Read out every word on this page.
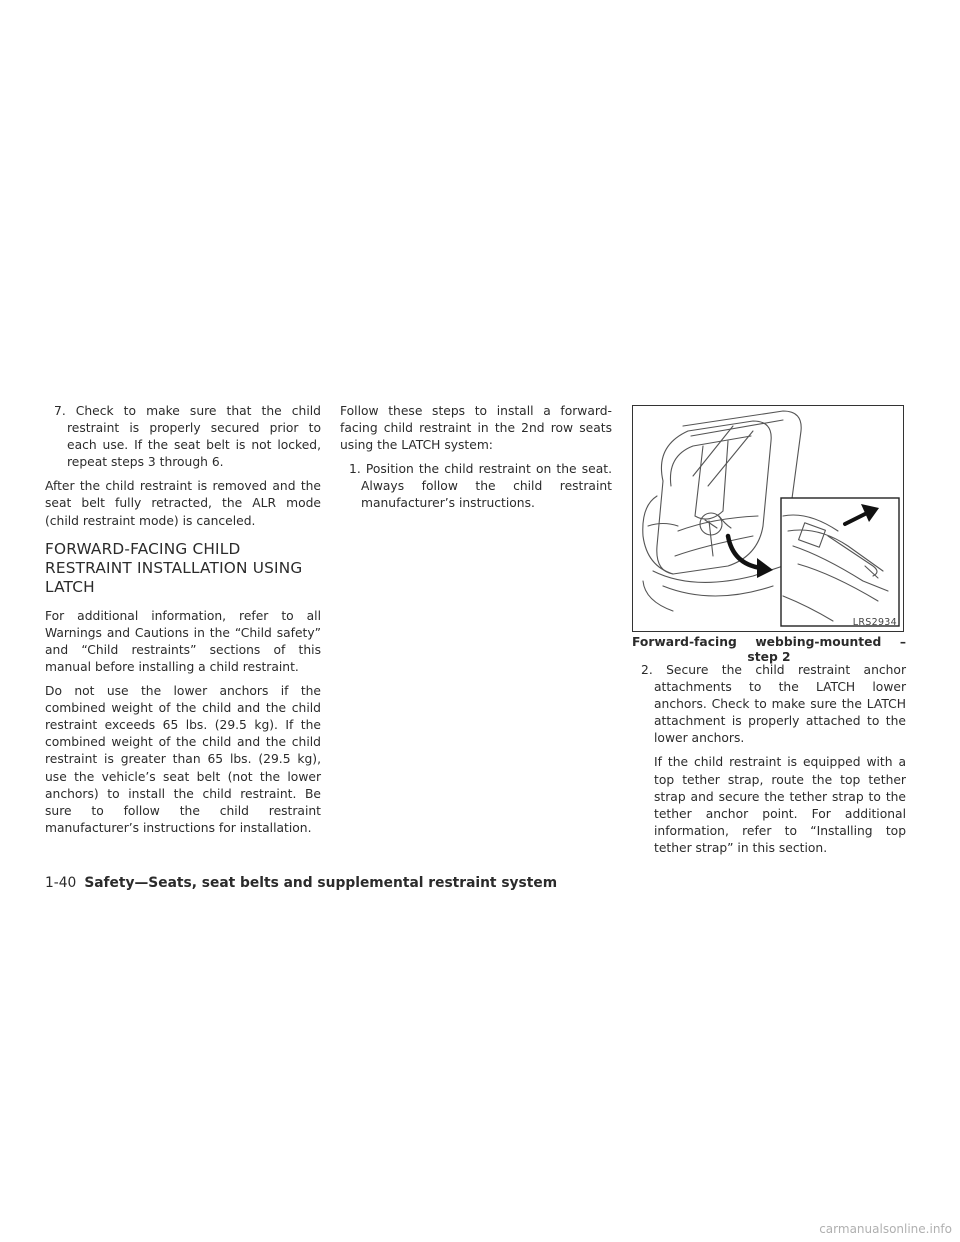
7. Check to make sure that the child restraint is properly secured prior to each use. If the seat belt is not locked, repeat steps 3 through 6.

After the child restraint is removed and the seat belt fully retracted, the ALR mode (child restraint mode) is canceled.

FORWARD-FACING CHILD RESTRAINT INSTALLATION USING LATCH

For additional information, refer to all Warnings and Cautions in the “Child safety” and “Child restraints” sections of this manual before installing a child restraint.

Do not use the lower anchors if the combined weight of the child and the child restraint exceeds 65 lbs. (29.5 kg). If the combined weight of the child and the child restraint is greater than 65 lbs. (29.5 kg), use the vehicle’s seat belt (not the lower anchors) to install the child restraint. Be sure to follow the child restraint manufacturer’s instructions for installation.

Follow these steps to install a forward-facing child restraint in the 2nd row seats using the LATCH system:

1. Position the child restraint on the seat. Always follow the child restraint manufacturer’s instructions.

LRS2934
Forward-facing webbing-mounted –
step 2

2. Secure the child restraint anchor attachments to the LATCH lower anchors. Check to make sure the LATCH attachment is properly attached to the lower anchors.

If the child restraint is equipped with a top tether strap, route the top tether strap and secure the tether strap to the tether anchor point. For additional information, refer to “Installing top tether strap” in this section.

1-40 Safety—Seats, seat belts and supplemental restraint system
carmanualsonline.info
